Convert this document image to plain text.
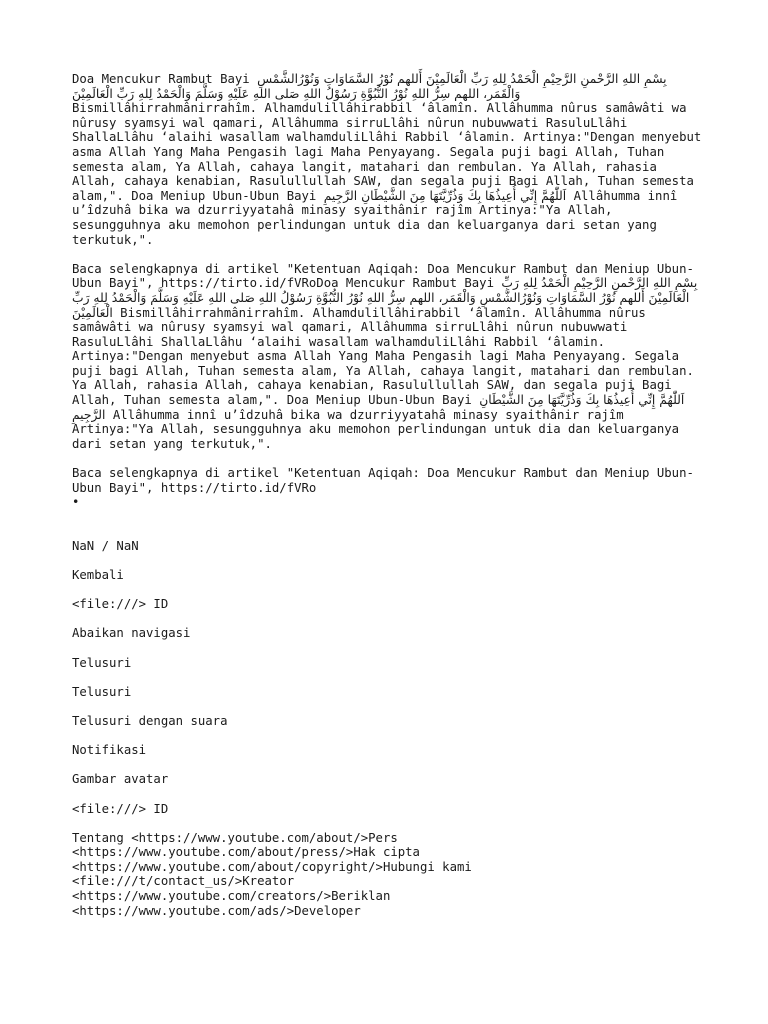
Doa Mencukur Rambut Bayi بِسْمِ اللهِ الرَّحْمنِ الرَّحِيْمِ الْحَمْدُ لِلهِ رَبِّ الْعَالَمِيْنَ أَللهم نُوْرُ السَّمَاوَاتِ وَنُوْرُالشَّمْسِ وَالْقَمَر، اللهم سِرُّ اللهِ نُوْرُ النُّبُوَّةِ رَسُوْلُ اللهِ صَلى اللهِ عَلَيْهِ وَسَلَّمَ وَالْحَمْدُ لِلهِ رَبِّ الْعَالَمِيْنَ Bismillâhirrahmânirrahîm. Alhamdulillâhirabbil ‘âlamîn. Allâhumma nûrus samâwâti wa nûrusy syamsyi wal qamari, Allâhumma sirruLlâhi nûrun nubuwwati RasuluLlâhi ShallaLlâhu ‘alaihi wasallam walhamduliLlâhi Rabbil ‘âlamin. Artinya:"Dengan menyebut asma Allah Yang Maha Pengasih lagi Maha Penyayang. Segala puji bagi Allah, Tuhan semesta alam, Ya Allah, cahaya langit, matahari dan rembulan. Ya Allah, rahasia Allah, cahaya kenabian, Rasulullullah SAW, dan segala puji Bagi Allah, Tuhan semesta alam,". Doa Meniup Ubun-Ubun Bayi اَللّٰهُمَّ إِنِّي أُعِيذُهَا بِكَ وَذُرِّيَّتَهَا مِنَ الشَّيْطَانِ الرَّجِيمِ Allâhumma innî u’îdzuhâ bika wa dzurriyyatahâ minasy syaithânir rajîm Artinya:"Ya Allah, sesungguhnya aku memohon perlindungan untuk dia dan keluarganya dari setan yang terkutuk,".

Baca selengkapnya di artikel "Ketentuan Aqiqah: Doa Mencukur Rambut dan Meniup Ubun-Ubun Bayi", https://tirto.id/fVRoDoa Mencukur Rambut Bayi بِسْمِ اللهِ الرَّحْمنِ الرَّحِيْمِ الْحَمْدُ لِلهِ رَبِّ الْعَالَمِيْنَ أَللهم نُوْرُ السَّمَاوَاتِ وَنُوْرُالشَّمْسِ وَالْقَمَر، اللهم سِرُّ اللهِ نُوْرُ النُّبُوَّةِ رَسُوْلُ اللهِ صَلى اللهِ عَلَيْهِ وَسَلَّمَ وَالْحَمْدُ لِلهِ رَبِّ الْعَالَمِيْنَ Bismillâhirrahmânirrahîm. Alhamdulillâhirabbil ‘âlamîn. Allâhumma nûrus samâwâti wa nûrusy syamsyi wal qamari, Allâhumma sirruLlâhi nûrun nubuwwati RasuluLlâhi ShallaLlâhu ‘alaihi wasallam walhamduliLlâhi Rabbil ‘âlamin. Artinya:"Dengan menyebut asma Allah Yang Maha Pengasih lagi Maha Penyayang. Segala puji bagi Allah, Tuhan semesta alam, Ya Allah, cahaya langit, matahari dan rembulan. Ya Allah, rahasia Allah, cahaya kenabian, Rasulullullah SAW, dan segala puji Bagi Allah, Tuhan semesta alam,". Doa Meniup Ubun-Ubun Bayi اَللّٰهُمَّ إِنِّي أُعِيذُهَا بِكَ وَذُرِّيَّتَهَا مِنَ الشَّيْطَانِ الرَّجِيمِ Allâhumma innî u’îdzuhâ bika wa dzurriyyatahâ minasy syaithânir rajîm Artinya:"Ya Allah, sesungguhnya aku memohon perlindungan untuk dia dan keluarganya dari setan yang terkutuk,".

Baca selengkapnya di artikel "Ketentuan Aqiqah: Doa Mencukur Rambut dan Meniup Ubun-Ubun Bayi", https://tirto.id/fVRo

•

NaN / NaN

Kembali

<file:///> ID

Abaikan navigasi

Telusuri

Telusuri

Telusuri dengan suara

Notifikasi

Gambar avatar

<file:///> ID

Tentang <https://www.youtube.com/about/>Pers
<https://www.youtube.com/about/press/>Hak cipta
<https://www.youtube.com/about/copyright/>Hubungi kami
<file:///t/contact_us/>Kreator
<https://www.youtube.com/creators/>Beriklan
<https://www.youtube.com/ads/>Developer
